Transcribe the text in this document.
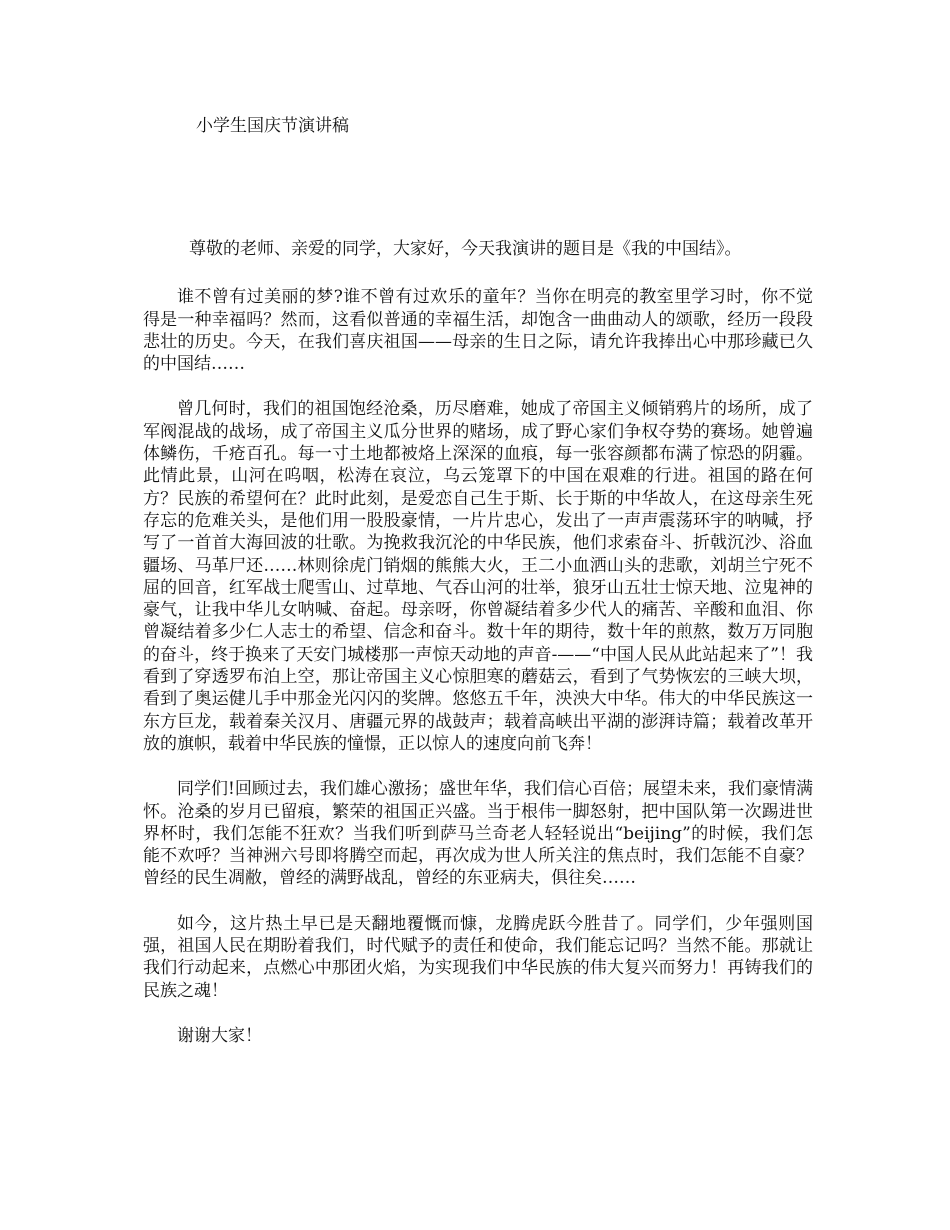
小学生国庆节演讲稿

尊敬的老师、亲爱的同学，大家好，今天我演讲的题目是《我的中国结》。

谁不曾有过美丽的梦?谁不曾有过欢乐的童年？当你在明亮的教室里学习时，你不觉得是一种幸福吗？然而，这看似普通的幸福生活，却饱含一曲曲动人的颂歌，经历一段段悲壮的历史。今天，在我们喜庆祖国——母亲的生日之际，请允许我捧出心中那珍藏已久的中国结……

曾几何时，我们的祖国饱经沧桑，历尽磨难，她成了帝国主义倾销鸦片的场所，成了军阀混战的战场，成了帝国主义瓜分世界的赌场，成了野心家们争权夺势的赛场。她曾遍体鳞伤，千疮百孔。每一寸土地都被烙上深深的血痕，每一张容颜都布满了惊恐的阴霾。此情此景，山河在呜咽，松涛在哀泣，乌云笼罩下的中国在艰难的行进。祖国的路在何方？民族的希望何在？此时此刻，是爱恋自己生于斯、长于斯的中华故人，在这母亲生死存忘的危难关头，是他们用一股股豪情，一片片忠心，发出了一声声震荡环宇的呐喊，抒写了一首首大海回波的壮歌。为挽救我沉沦的中华民族，他们求索奋斗、折戟沉沙、浴血疆场、马革尸还……林则徐虎门销烟的熊熊大火，王二小血洒山头的悲歌，刘胡兰宁死不屈的回音，红军战士爬雪山、过草地、气吞山河的壮举，狼牙山五壮士惊天地、泣鬼神的豪气，让我中华儿女呐喊、奋起。母亲呀，你曾凝结着多少代人的痛苦、辛酸和血泪、你曾凝结着多少仁人志士的希望、信念和奋斗。数十年的期待，数十年的煎熬，数万万同胞的奋斗，终于换来了天安门城楼那一声惊天动地的声音-——“中国人民从此站起来了”！我看到了穿透罗布泊上空，那让帝国主义心惊胆寒的蘑菇云，看到了气势恢宏的三峡大坝，看到了奥运健儿手中那金光闪闪的奖牌。悠悠五千年，泱泱大中华。伟大的中华民族这一东方巨龙，载着秦关汉月、唐疆元界的战鼓声；载着高峡出平湖的澎湃诗篇；载着改革开放的旗帜，载着中华民族的憧憬，正以惊人的速度向前飞奔！

同学们!回顾过去，我们雄心激扬；盛世年华，我们信心百倍；展望未来，我们豪情满怀。沧桑的岁月已留痕，繁荣的祖国正兴盛。当于根伟一脚怒射，把中国队第一次踢进世界杯时，我们怎能不狂欢？当我们听到萨马兰奇老人轻轻说出“beijing”的时候，我们怎能不欢呼？当神洲六号即将腾空而起，再次成为世人所关注的焦点时，我们怎能不自豪？曾经的民生凋敝，曾经的满野战乱，曾经的东亚病夫，俱往矣……

如今，这片热土早已是天翻地覆慨而慷，龙腾虎跃今胜昔了。同学们，少年强则国强，祖国人民在期盼着我们，时代赋予的责任和使命，我们能忘记吗？当然不能。那就让我们行动起来，点燃心中那团火焰，为实现我们中华民族的伟大复兴而努力！再铸我们的民族之魂！

谢谢大家！
